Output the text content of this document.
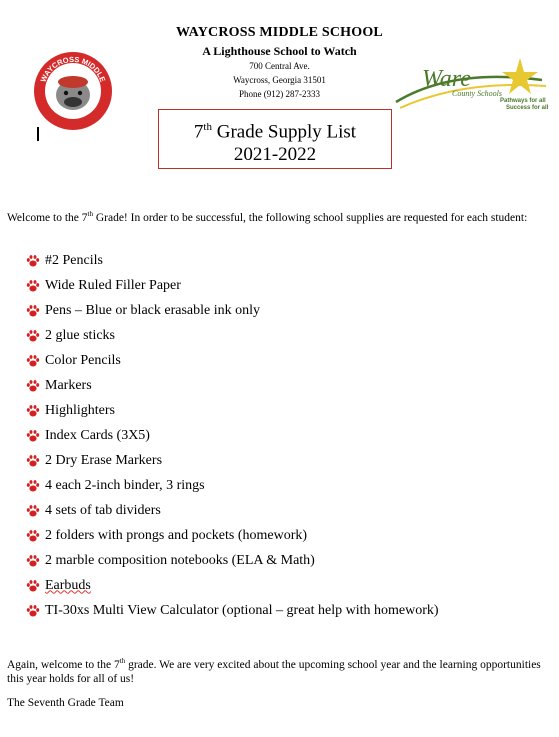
WAYCROSS MIDDLE SCHOOL
A Lighthouse School to Watch
700 Central Ave.
Waycross, Georgia 31501
Phone (912) 287-2333
WAYCROSS MIDDLE	Ware
County Schools
Pathways for all
Success for all
7th Grade Supply List
2021-2022
Welcome to the 7th Grade! In order to be successful, the following school supplies are requested for each student:
#2 Pencils
Wide Ruled Filler Paper
Pens – Blue or black erasable ink only
2 glue sticks
Color Pencils
Markers
Highlighters
Index Cards (3X5)
2 Dry Erase Markers
4 each 2-inch binder, 3 rings
4 sets of tab dividers
2 folders with prongs and pockets (homework)
2 marble composition notebooks (ELA & Math)
Earbuds
TI-30xs Multi View Calculator (optional – great help with homework)
Again, welcome to the 7th grade. We are very excited about the upcoming school year and the learning opportunities this year holds for all of us!
The Seventh Grade Team
